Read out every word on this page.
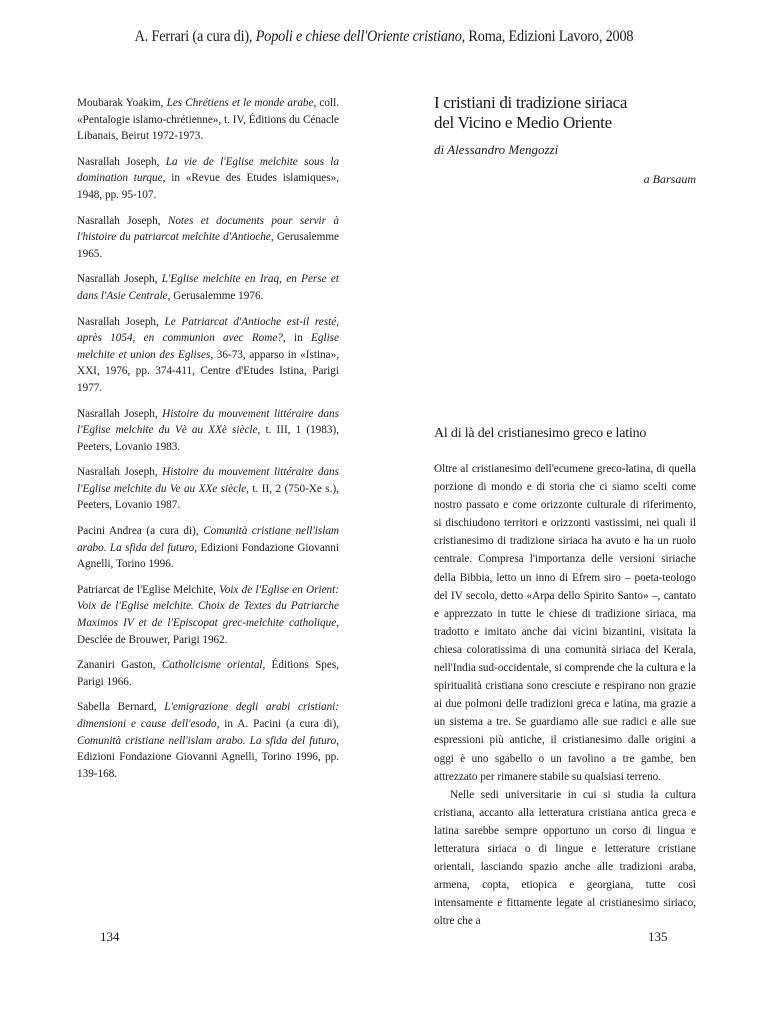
A. Ferrari (a cura di), Popoli e chiese dell'Oriente cristiano, Roma, Edizioni Lavoro, 2008

Moubarak Yoakim, Les Chrétiens et le monde arabe, coll. «Pentalogie islamo-chrétienne», t. IV, Éditions du Cénacle Libanais, Beirut 1972-1973.

Nasrallah Joseph, La vie de l'Eglise melchite sous la domination turque, in «Revue des Etudes islamiques», 1948, pp. 95-107.

Nasrallah Joseph, Notes et documents pour servir à l'histoire du patriarcat melchite d'Antioche, Gerusalemme 1965.

Nasrallah Joseph, L'Eglise melchite en Iraq, en Perse et dans l'Asie Centrale, Gerusalemme 1976.

Nasrallah Joseph, Le Patriarcat d'Antioche est-il resté, après 1054, en communion avec Rome?, in Eglise melchite et union des Eglises, 36-73, apparso in «Istina», XXI, 1976, pp. 374-411, Centre d'Etudes Istina, Parigi 1977.

Nasrallah Joseph, Histoire du mouvement littéraire dans l'Eglise melchite du Vè au XXè siècle, t. III, 1 (1983), Peeters, Lovanio 1983.

Nasrallah Joseph, Histoire du mouvement littéraire dans l'Eglise melchite du Ve au XXe siècle, t. II, 2 (750-Xe s.), Peeters, Lovanio 1987.

Pacini Andrea (a cura di), Comunità cristiane nell'islam arabo. La sfida del futuro, Edizioni Fondazione Giovanni Agnelli, Torino 1996.

Patriarcat de l'Eglise Melchite, Voix de l'Eglise en Orient: Voix de l'Eglise melchite. Choix de Textes du Patriarche Maximos IV et de l'Episcopat grec-melchite catholique, Desclée de Brouwer, Parigi 1962.

Zananiri Gaston, Catholicisme oriental, Éditions Spes, Parigi 1966.

Sabella Bernard, L'emigrazione degli arabi cristiani: dimensioni e cause dell'esodo, in A. Pacini (a cura di), Comunità cristiane nell'islam arabo. La sfida del futuro, Edizioni Fondazione Giovanni Agnelli, Torino 1996, pp. 139-168.

I cristiani di tradizione siriaca
del Vicino e Medio Oriente
di Alessandro Mengozzi
a Barsaum
Al di là del cristianesimo greco e latino

Oltre al cristianesimo dell'ecumene greco-latina, di quella porzione di mondo e di storia che ci siamo scelti come nostro passato e come orizzonte culturale di riferimento, si dischiudono territori e orizzonti vastissimi, nei quali il cristianesimo di tradizione siriaca ha avuto e ha un ruolo centrale. Compresa l'importanza delle versioni siriache della Bibbia, letto un inno di Efrem siro – poeta-teologo del IV secolo, detto «Arpa dello Spirito Santo» –, cantato e apprezzato in tutte le chiese di tradizione siriaca, ma tradotto e imitato anche dai vicini bizantini, visitata la chiesa coloratissima di una comunità siriaca del Kerala, nell'India sud-occidentale, si comprende che la cultura e la spiritualità cristiana sono cresciute e respirano non grazie ai due polmoni delle tradizioni greca e latina, ma grazie a un sistema a tre. Se guardiamo alle sue radici e alle sue espressioni più antiche, il cristianesimo dalle origini a oggi è uno sgabello o un tavolino a tre gambe, ben attrezzato per rimanere stabile su qualsiasi terreno.

Nelle sedi universitarie in cui si studia la cultura cristiana, accanto alla letteratura cristiana antica greca e latina sarebbe sempre opportuno un corso di lingua e letteratura siriaca o di lingue e letterature cristiane orientali, lasciando spazio anche alle tradizioni araba, armena, copta, etiopica e georgiana, tutte così intensamente e fittamente legate al cristianesimo siriaco, oltre che a

134	135
